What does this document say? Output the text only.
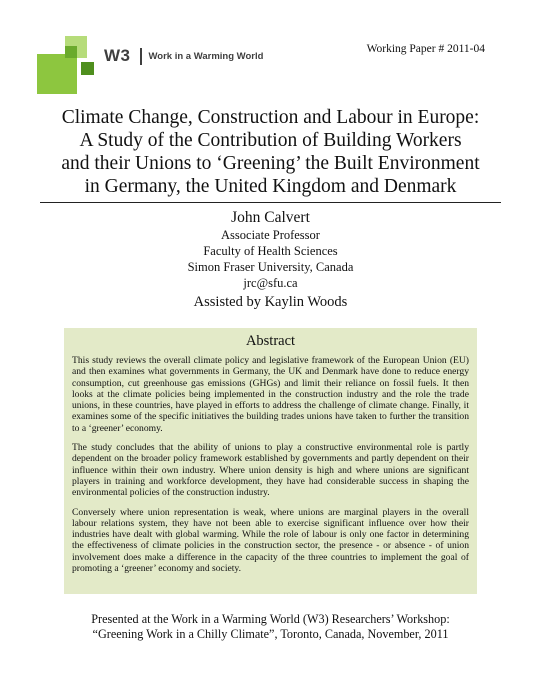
W3 Work in a Warming World
Working Paper # 2011-04
Climate Change, Construction and Labour in Europe:
A Study of the Contribution of Building Workers
and their Unions to ‘Greening’ the Built Environment
in Germany, the United Kingdom and Denmark
John Calvert
Associate Professor
Faculty of Health Sciences
Simon Fraser University, Canada
jrc@sfu.ca
Assisted by Kaylin Woods
Abstract

This study reviews the overall climate policy and legislative framework of the European Union (EU) and then examines what governments in Germany, the UK and Denmark have done to reduce energy consumption, cut greenhouse gas emissions (GHGs) and limit their reliance on fossil fuels. It then looks at the climate policies being implemented in the construction industry and the role the trade unions, in these countries, have played in efforts to address the challenge of climate change. Finally, it examines some of the specific initiatives the building trades unions have taken to further the transition to a ‘greener’ economy.

The study concludes that the ability of unions to play a constructive environmental role is partly dependent on the broader policy framework established by governments and partly dependent on their influence within their own industry. Where union density is high and where unions are significant players in training and workforce development, they have had considerable success in shaping the environmental policies of the construction industry.

Conversely where union representation is weak, where unions are marginal players in the overall labour relations system, they have not been able to exercise significant influence over how their industries have dealt with global warming. While the role of labour is only one factor in determining the effectiveness of climate policies in the construction sector, the presence - or absence - of union involvement does make a difference in the capacity of the three countries to implement the goal of promoting a ‘greener’ economy and society.

Presented at the Work in a Warming World (W3) Researchers’ Workshop:
“Greening Work in a Chilly Climate”, Toronto, Canada, November, 2011
